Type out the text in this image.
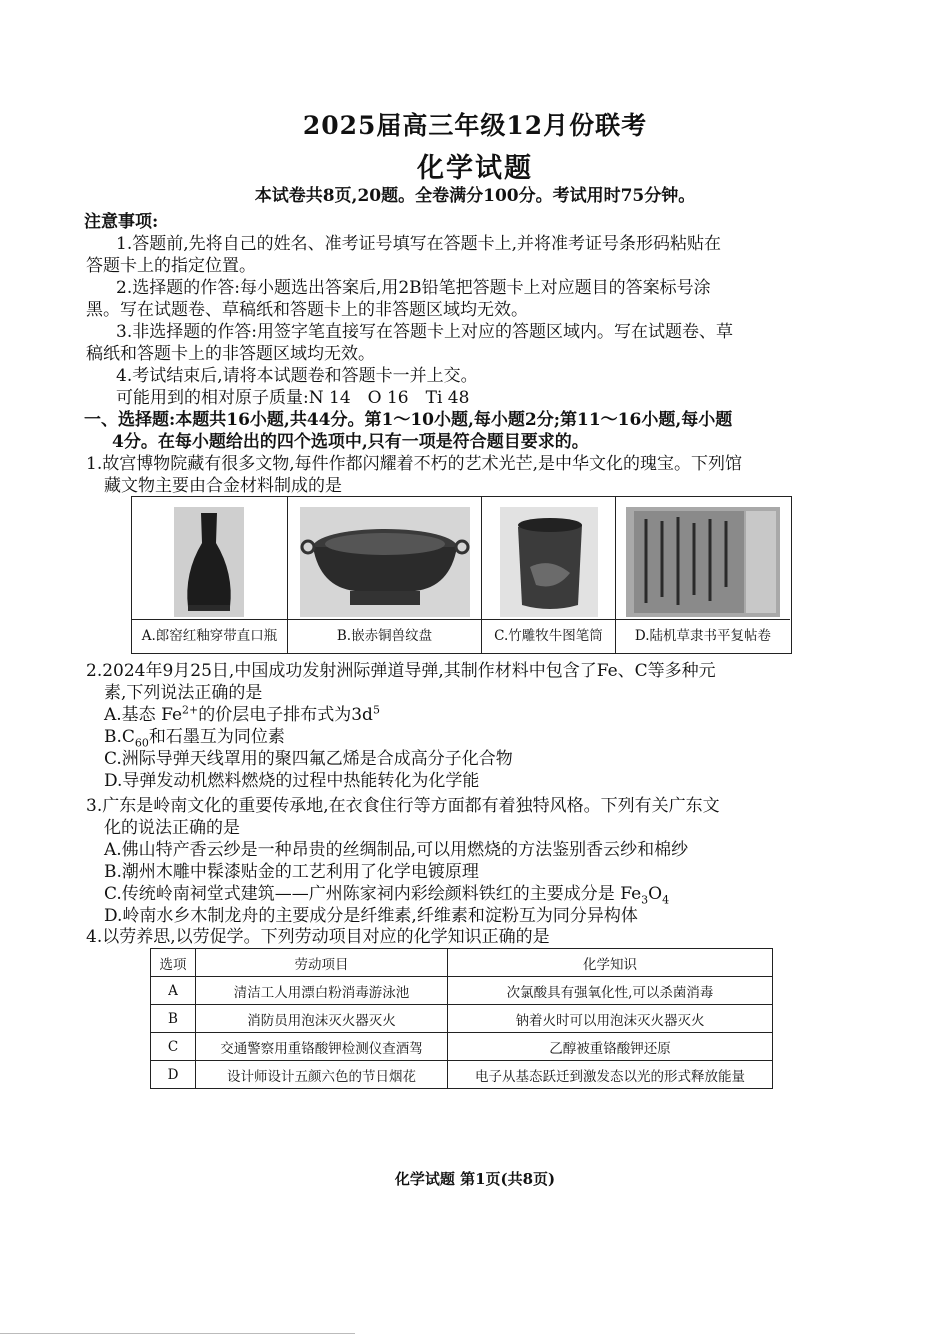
2025届高三年级12月份联考
化学试题
本试卷共8页,20题。全卷满分100分。考试用时75分钟。
注意事项:
1.答题前,先将自己的姓名、准考证号填写在答题卡上,并将准考证号条形码粘贴在
答题卡上的指定位置。
2.选择题的作答:每小题选出答案后,用2B铅笔把答题卡上对应题目的答案标号涂
黑。写在试题卷、草稿纸和答题卡上的非答题区域均无效。
3.非选择题的作答:用签字笔直接写在答题卡上对应的答题区域内。写在试题卷、草
稿纸和答题卡上的非答题区域均无效。
4.考试结束后,请将本试题卷和答题卡一并上交。
可能用到的相对原子质量:N 14　O 16　Ti 48
一、选择题:本题共16小题,共44分。第1～10小题,每小题2分;第11～16小题,每小题
4分。在每小题给出的四个选项中,只有一项是符合题目要求的。
1.故宫博物院藏有很多文物,每件作都闪耀着不朽的艺术光芒,是中华文化的瑰宝。下列馆
藏文物主要由合金材料制成的是
A.郎窑红釉穿带直口瓶	B.嵌赤铜兽纹盘	C.竹雕牧牛图笔筒	D.陆机草隶书平复帖卷
2.2024年9月25日,中国成功发射洲际弹道导弹,其制作材料中包含了Fe、C等多种元
素,下列说法正确的是
A.基态 $Fe^{2+}$的价层电子排布式为$3d^5$
$B.C_{60}$和石墨互为同位素
C.洲际导弹天线罩用的聚四氟乙烯是合成高分子化合物
D.导弹发动机燃料燃烧的过程中热能转化为化学能
3.广东是岭南文化的重要传承地,在衣食住行等方面都有着独特风格。下列有关广东文
化的说法正确的是
A.佛山特产香云纱是一种昂贵的丝绸制品,可以用燃烧的方法鉴别香云纱和棉纱
B.潮州木雕中髹漆贴金的工艺利用了化学电镀原理
C.传统岭南祠堂式建筑——广州陈家祠内彩绘颜料铁红的主要成分是 $Fe_3O_4$
D.岭南水乡木制龙舟的主要成分是纤维素,纤维素和淀粉互为同分异构体
4.以劳养思,以劳促学。下列劳动项目对应的化学知识正确的是
选项	劳动项目	化学知识
A	清洁工人用漂白粉消毒游泳池	次氯酸具有强氧化性,可以杀菌消毒
B	消防员用泡沫灭火器灭火	钠着火时可以用泡沫灭火器灭火
C	交通警察用重铬酸钾检测仪查酒驾	乙醇被重铬酸钾还原
D	设计师设计五颜六色的节日烟花	电子从基态跃迁到激发态以光的形式释放能量
化学试题 第1页(共8页)
